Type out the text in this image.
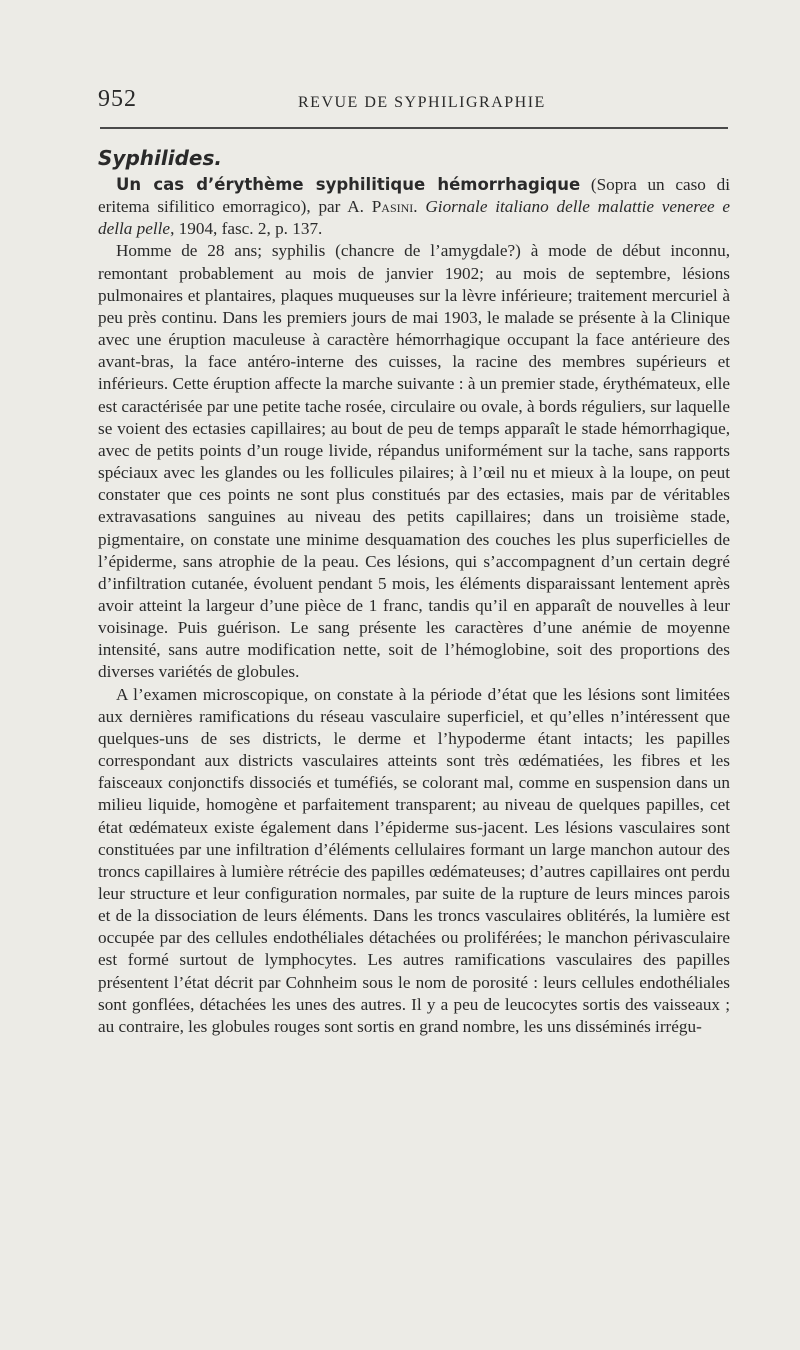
952	REVUE DE SYPHILIGRAPHIE
Syphilides.

Un cas d’érythème syphilitique hémorrhagique (Sopra un caso di eritema sifilitico emorragico), par A. Pasini. Giornale italiano delle malattie veneree e della pelle, 1904, fasc. 2, p. 137.

Homme de 28 ans; syphilis (chancre de l’amygdale?) à mode de début inconnu, remontant probablement au mois de janvier 1902; au mois de septembre, lésions pulmonaires et plantaires, plaques muqueuses sur la lèvre inférieure; traitement mercuriel à peu près continu. Dans les premiers jours de mai 1903, le malade se présente à la Clinique avec une éruption maculeuse à caractère hémorrhagique occupant la face antérieure des avant-bras, la face antéro-interne des cuisses, la racine des membres supérieurs et inférieurs. Cette éruption affecte la marche suivante : à un premier stade, érythémateux, elle est caractérisée par une petite tache rosée, circulaire ou ovale, à bords réguliers, sur laquelle se voient des ectasies capillaires; au bout de peu de temps apparaît le stade hémorrhagique, avec de petits points d’un rouge livide, répandus uniformément sur la tache, sans rapports spéciaux avec les glandes ou les follicules pilaires; à l’œil nu et mieux à la loupe, on peut constater que ces points ne sont plus constitués par des ectasies, mais par de véritables extravasations sanguines au niveau des petits capillaires; dans un troisième stade, pigmentaire, on constate une minime desquamation des couches les plus superficielles de l’épiderme, sans atrophie de la peau. Ces lésions, qui s’accompagnent d’un certain degré d’infiltration cutanée, évoluent pendant 5 mois, les éléments disparaissant lentement après avoir atteint la largeur d’une pièce de 1 franc, tandis qu’il en apparaît de nouvelles à leur voisinage. Puis guérison. Le sang présente les caractères d’une anémie de moyenne intensité, sans autre modification nette, soit de l’hémoglobine, soit des proportions des diverses variétés de globules.

A l’examen microscopique, on constate à la période d’état que les lésions sont limitées aux dernières ramifications du réseau vasculaire superficiel, et qu’elles n’intéressent que quelques-uns de ses districts, le derme et l’hypoderme étant intacts; les papilles correspondant aux districts vasculaires atteints sont très œdématiées, les fibres et les faisceaux conjonctifs dissociés et tuméfiés, se colorant mal, comme en suspension dans un milieu liquide, homogène et parfaitement transparent; au niveau de quelques papilles, cet état œdémateux existe également dans l’épiderme sus-jacent. Les lésions vasculaires sont constituées par une infiltration d’éléments cellulaires formant un large manchon autour des troncs capillaires à lumière rétrécie des papilles œdémateuses; d’autres capillaires ont perdu leur structure et leur configuration normales, par suite de la rupture de leurs minces parois et de la dissociation de leurs éléments. Dans les troncs vasculaires oblitérés, la lumière est occupée par des cellules endothéliales détachées ou proliférées; le manchon périvasculaire est formé surtout de lymphocytes. Les autres ramifications vasculaires des papilles présentent l’état décrit par Cohnheim sous le nom de porosité : leurs cellules endothéliales sont gonflées, détachées les unes des autres. Il y a peu de leucocytes sortis des vaisseaux ; au contraire, les globules rouges sont sortis en grand nombre, les uns disséminés irrégu-
